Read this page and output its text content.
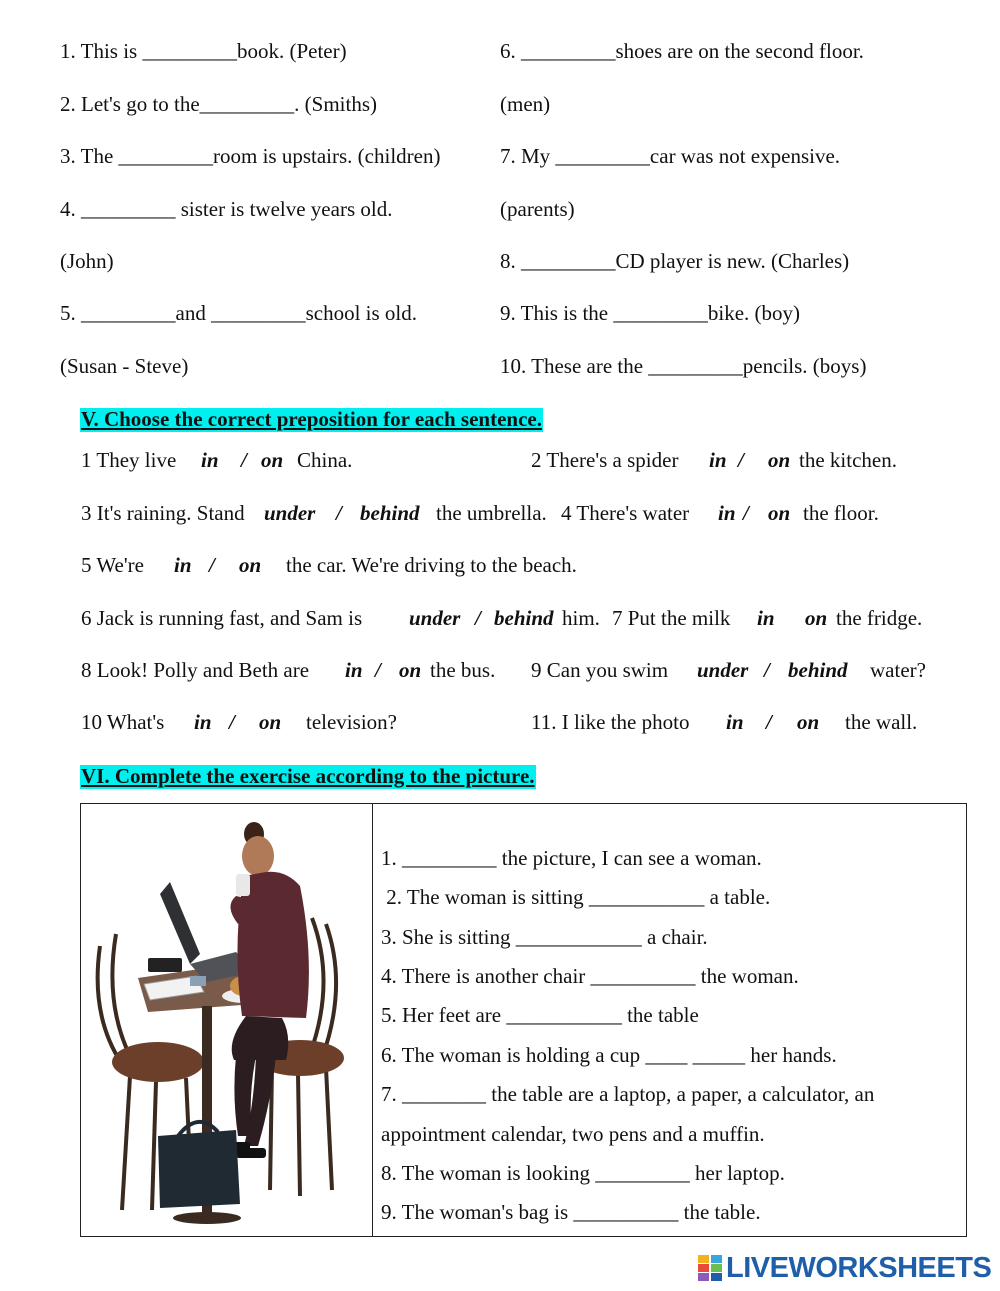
1. This is _________book. (Peter)
2. Let's go to the_________. (Smiths)
3. The _________room is upstairs. (children)
4. _________ sister is twelve years old.
(John)
5. _________and _________school is old.
(Susan - Steve)
6. _________shoes are on the second floor.
(men)
7. My _________car was not expensive.
(parents)
8. _________CD player is new. (Charles)
9. This is the _________bike. (boy)
10. These are the _________pencils. (boys)
V. Choose the correct preposition for each sentence.
1 They live in / on China.	2 There's a spider in / on the kitchen.
3 It's raining. Stand under / behind the umbrella. 4 There's water in / on the floor.
5 We're in / on the car. We're driving to the beach.
6 Jack is running fast, and Sam is under / behind him. 7 Put the milk in on the fridge.
8 Look! Polly and Beth are in / on the bus. 9 Can you swim under / behind water?
10 What's in / on television?	11. I like the photo in / on the wall.
VI. Complete the exercise according to the picture.
1. _________ the picture, I can see a woman.
2. The woman is sitting ___________ a table.
3. She is sitting ____________ a chair.
4. There is another chair __________ the woman.
5. Her feet are ___________ the table
6. The woman is holding a cup ____ _____ her hands.
7. ________ the table are a laptop, a paper, a calculator, an
appointment calendar, two pens and a muffin.
8. The woman is looking _________ her laptop.
9. The woman's bag is __________ the table.
LIVEWORKSHEETS
